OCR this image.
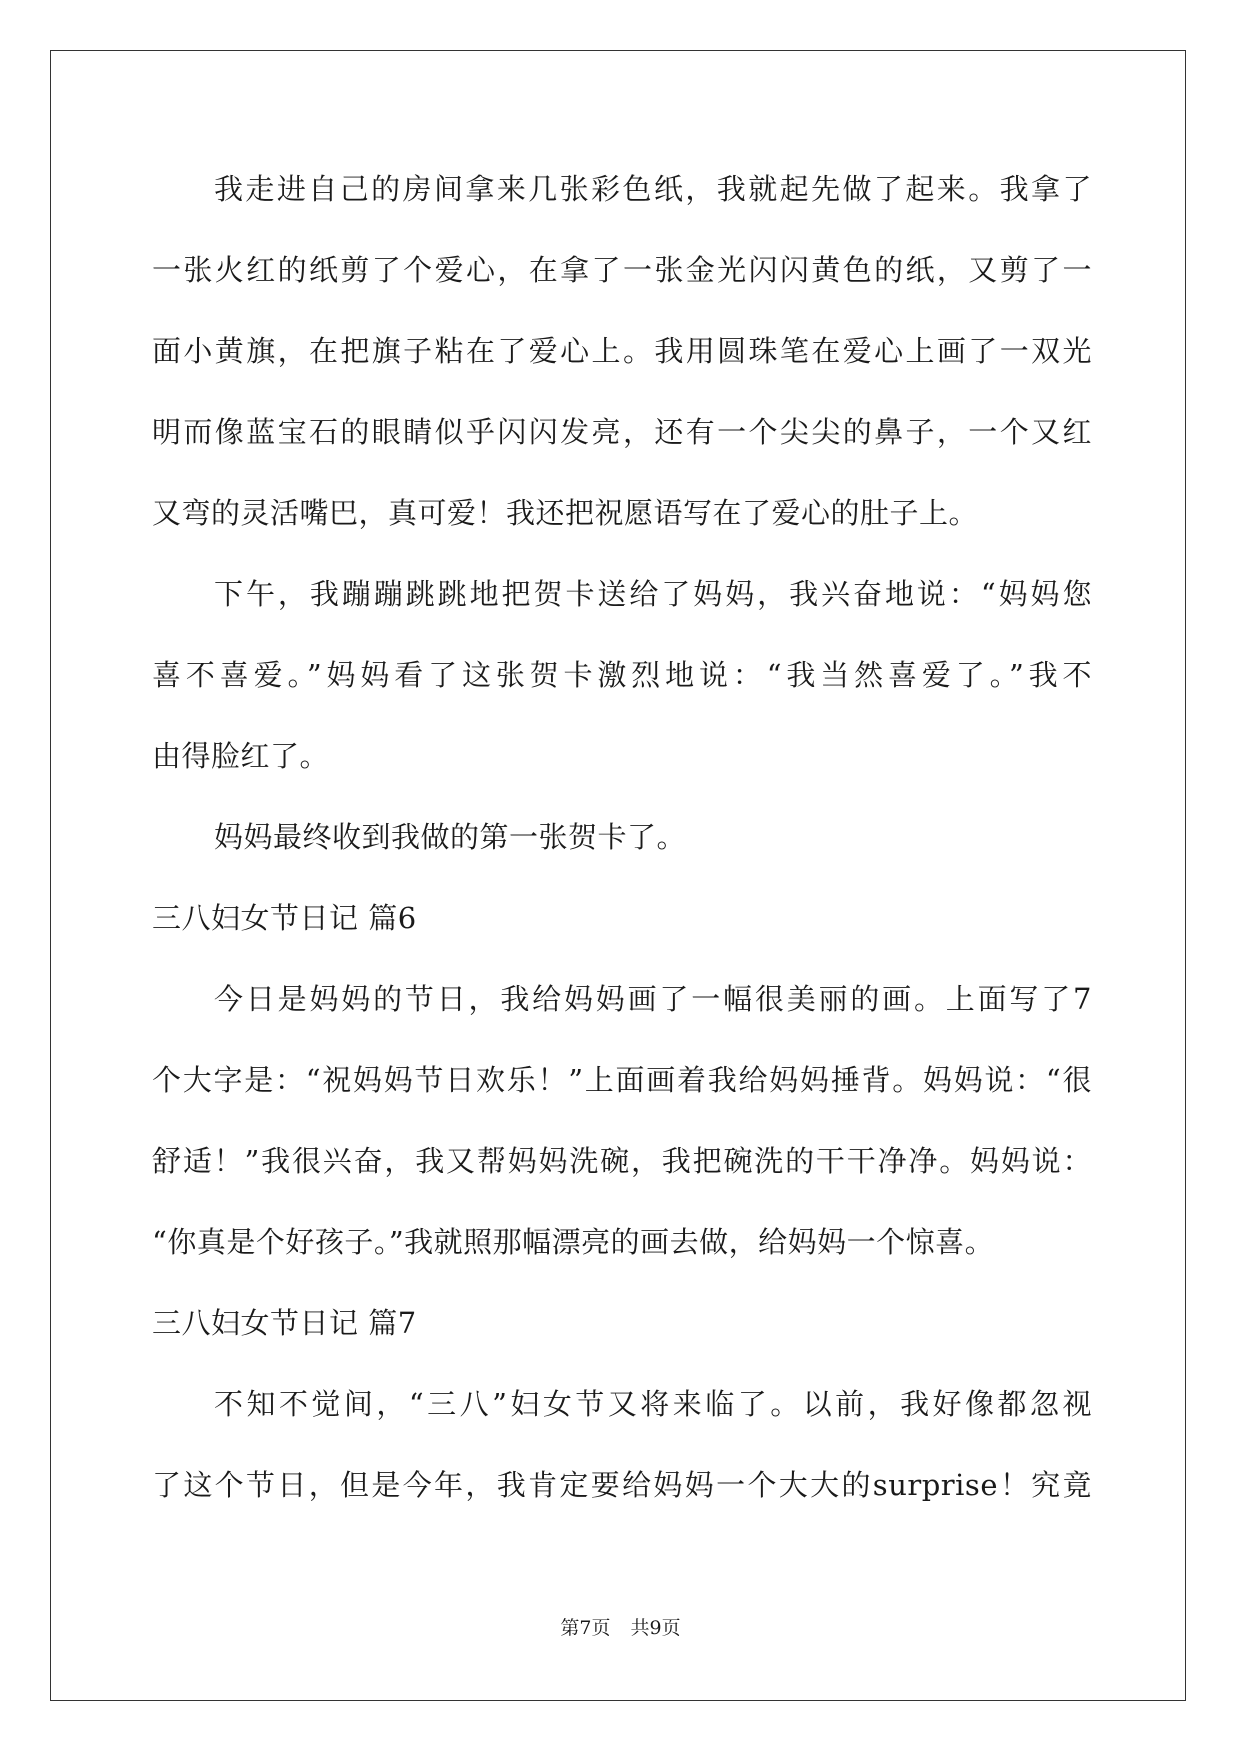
我走进自己的房间拿来几张彩色纸，我就起先做了起来。我拿了
一张火红的纸剪了个爱心，在拿了一张金光闪闪黄色的纸，又剪了一
面小黄旗，在把旗子粘在了爱心上。我用圆珠笔在爱心上画了一双光
明而像蓝宝石的眼睛似乎闪闪发亮，还有一个尖尖的鼻子，一个又红
又弯的灵活嘴巴，真可爱！我还把祝愿语写在了爱心的肚子上。
下午，我蹦蹦跳跳地把贺卡送给了妈妈，我兴奋地说：“妈妈您
喜不喜爱。”妈妈看了这张贺卡激烈地说：“我当然喜爱了。”我不
由得脸红了。
妈妈最终收到我做的第一张贺卡了。
三八妇女节日记 篇6
今日是妈妈的节日，我给妈妈画了一幅很美丽的画。上面写了7
个大字是：“祝妈妈节日欢乐！”上面画着我给妈妈捶背。妈妈说：“很
舒适！”我很兴奋，我又帮妈妈洗碗，我把碗洗的干干净净。妈妈说：
“你真是个好孩子。”我就照那幅漂亮的画去做，给妈妈一个惊喜。
三八妇女节日记 篇7
不知不觉间，“三八”妇女节又将来临了。以前，我好像都忽视
了这个节日，但是今年，我肯定要给妈妈一个大大的surprise！究竟
第7页 共9页
